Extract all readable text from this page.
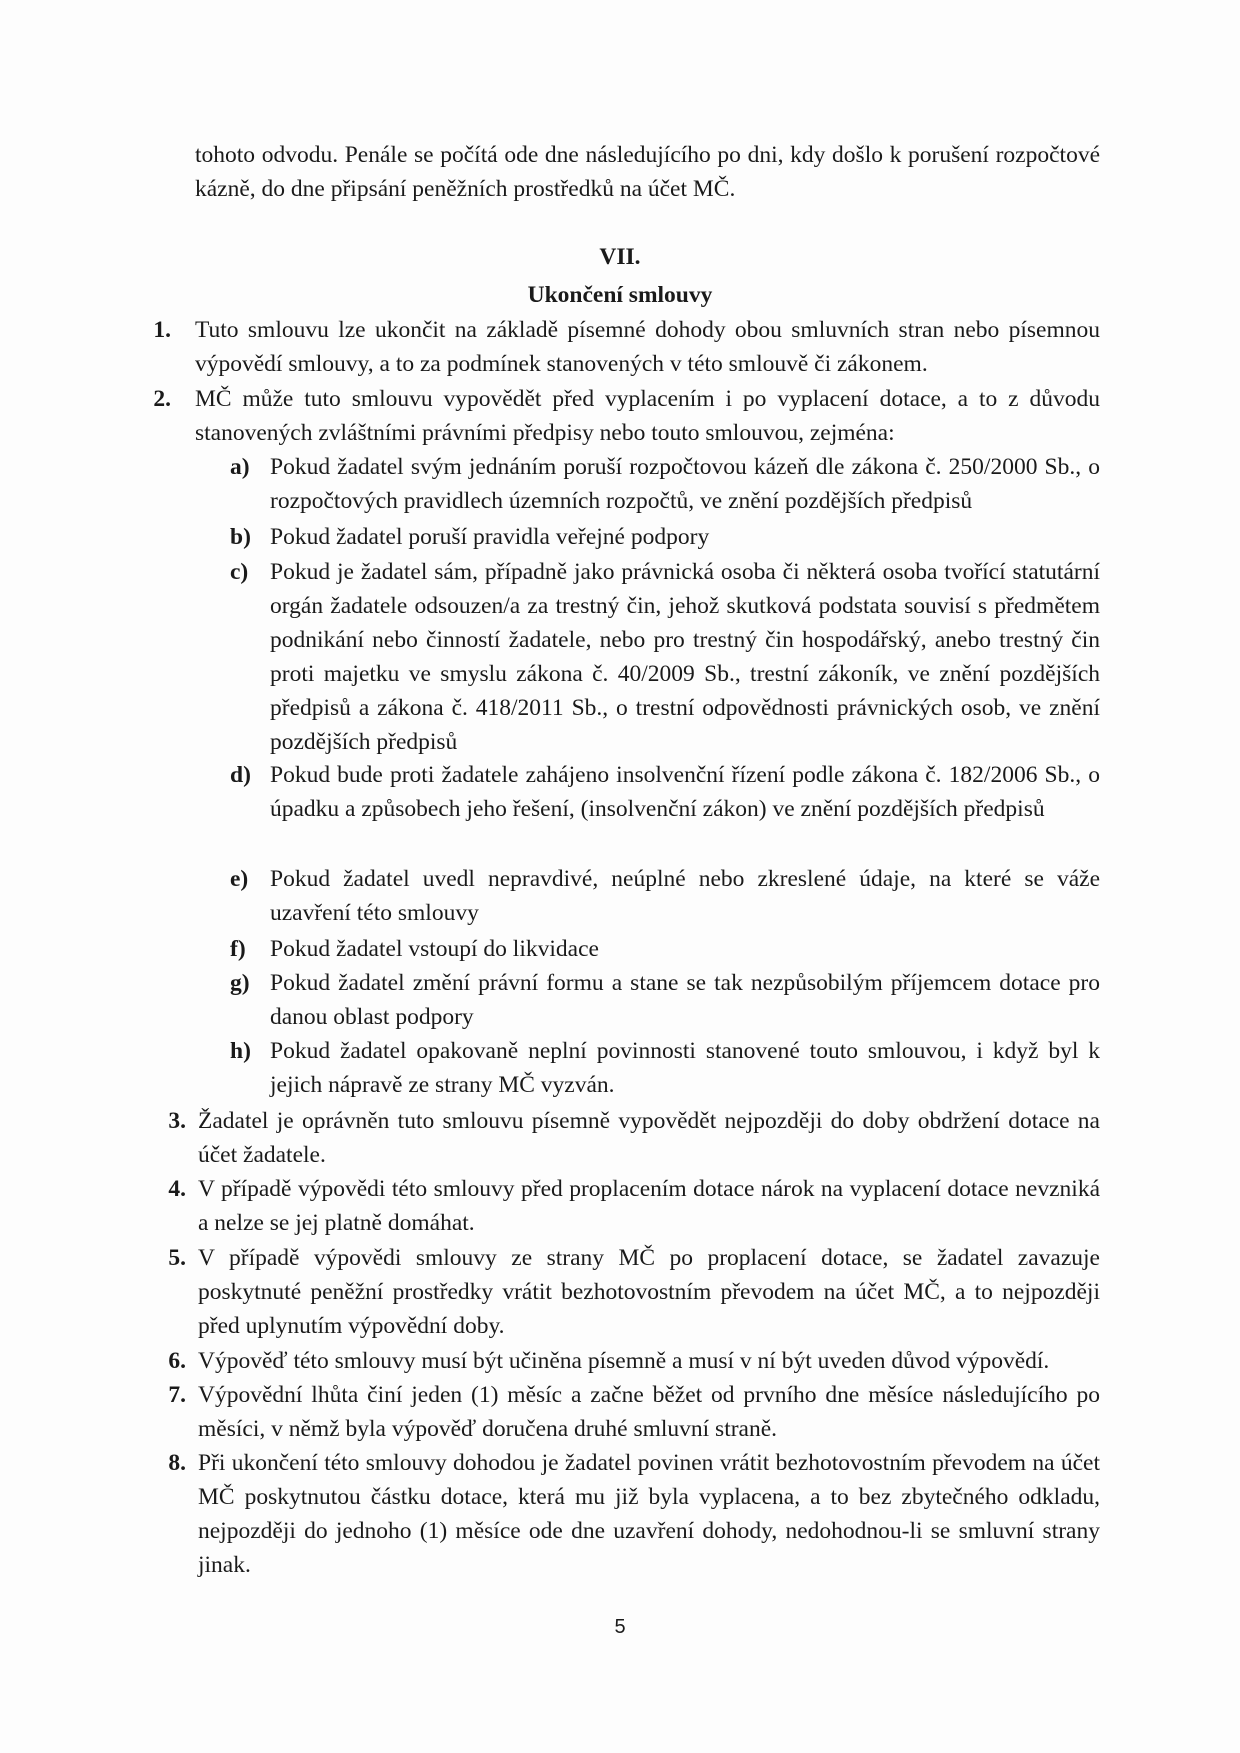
tohoto odvodu. Penále se počítá ode dne následujícího po dni, kdy došlo k porušení rozpočtové kázně, do dne připsání peněžních prostředků na účet MČ.
VII.
Ukončení smlouvy
1. Tuto smlouvu lze ukončit na základě písemné dohody obou smluvních stran nebo písemnou výpovědí smlouvy, a to za podmínek stanovených v této smlouvě či zákonem.
2. MČ může tuto smlouvu vypovědět před vyplacením i po vyplacení dotace, a to z důvodu stanovených zvláštními právními předpisy nebo touto smlouvou, zejména:
a) Pokud žadatel svým jednáním poruší rozpočtovou kázeň dle zákona č. 250/2000 Sb., o rozpočtových pravidlech územních rozpočtů, ve znění pozdějších předpisů
b) Pokud žadatel poruší pravidla veřejné podpory
c) Pokud je žadatel sám, případně jako právnická osoba či některá osoba tvořící statutární orgán žadatele odsouzen/a za trestný čin, jehož skutková podstata souvisí s předmětem podnikání nebo činností žadatele, nebo pro trestný čin hospodářský, anebo trestný čin proti majetku ve smyslu zákona č. 40/2009 Sb., trestní zákoník, ve znění pozdějších předpisů a zákona č. 418/2011 Sb., o trestní odpovědnosti právnických osob, ve znění pozdějších předpisů
d) Pokud bude proti žadatele zahájeno insolvenční řízení podle zákona č. 182/2006 Sb., o úpadku a způsobech jeho řešení, (insolvenční zákon) ve znění pozdějších předpisů
e) Pokud žadatel uvedl nepravdivé, neúplné nebo zkreslené údaje, na které se váže uzavření této smlouvy
f)	Pokud žadatel vstoupí do likvidace
g) Pokud žadatel změní právní formu a stane se tak nezpůsobilým příjemcem dotace pro danou oblast podpory
h) Pokud žadatel opakovaně neplní povinnosti stanovené touto smlouvou, i když byl k jejich nápravě ze strany MČ vyzván.
3. Žadatel je oprávněn tuto smlouvu písemně vypovědět nejpozději do doby obdržení dotace na účet žadatele.
4. V případě výpovědi této smlouvy před proplacením dotace nárok na vyplacení dotace nevzniká a nelze se jej platně domáhat.
5. V případě výpovědi smlouvy ze strany MČ po proplacení dotace, se žadatel zavazuje poskytnuté peněžní prostředky vrátit bezhotovostním převodem na účet MČ, a to nejpozději před uplynutím výpovědní doby.
6. Výpověď této smlouvy musí být učiněna písemně a musí v ní být uveden důvod výpovědí.
7. Výpovědní lhůta činí jeden (1) měsíc a začne běžet od prvního dne měsíce následujícího po měsíci, v němž byla výpověď doručena druhé smluvní straně.
8. Při ukončení této smlouvy dohodou je žadatel povinen vrátit bezhotovostním převodem na účet MČ poskytnutou částku dotace, která mu již byla vyplacena, a to bez zbytečného odkladu, nejpozději do jednoho (1) měsíce ode dne uzavření dohody, nedohodnou-li se smluvní strany jinak.
5
